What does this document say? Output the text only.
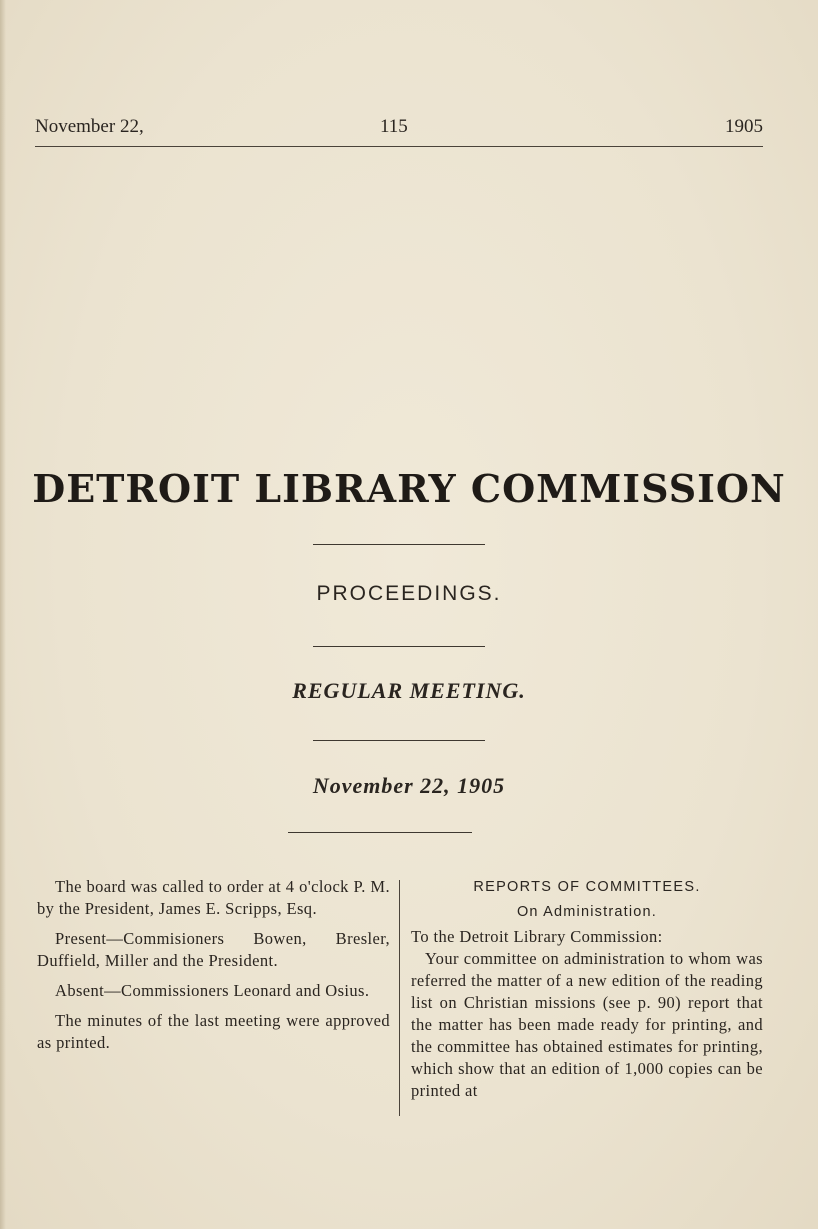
November 22,	115	1905
DETROIT LIBRARY COMMISSION
PROCEEDINGS.
REGULAR MEETING.
November 22, 1905

The board was called to order at 4 o'clock P. M. by the President, James E. Scripps, Esq.

Present—Commisioners Bowen, Bresler, Duffield, Miller and the President.

Absent—Commissioners Leonard and Osius.

The minutes of the last meeting were approved as printed.

REPORTS OF COMMITTEES.

On Administration.

To the Detroit Library Commission:

Your committee on administration to whom was referred the matter of a new edition of the reading list on Christian missions (see p. 90) report that the matter has been made ready for printing, and the committee has obtained estimates for printing, which show that an edition of 1,000 copies can be printed at
